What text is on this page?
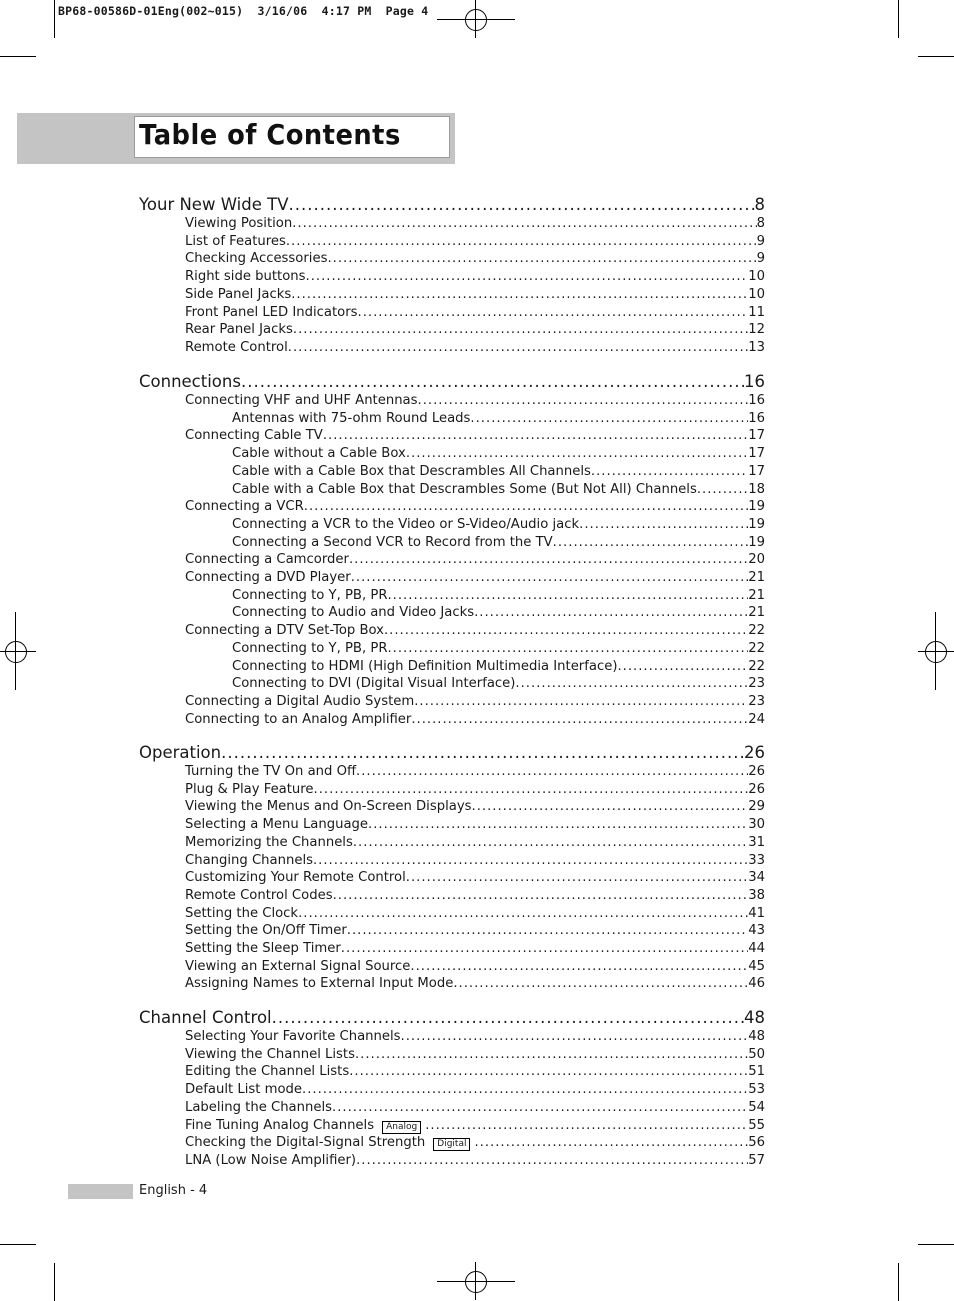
BP68-00586D-01Eng(002~015)  3/16/06  4:17 PM  Page 4
Table of Contents
Your New Wide TV .....	8
Viewing Position .....	8
List of Features .....	9
Checking Accessories .....	9
Right side buttons .....	10
Side Panel Jacks .....	10
Front Panel LED Indicators .....	11
Rear Panel Jacks .....	12
Remote Control .....	13
Connections .....	16
Connecting VHF and UHF Antennas .....	16
Antennas with 75-ohm Round Leads .....	16
Connecting Cable TV .....	17
Cable without a Cable Box .....	17
Cable with a Cable Box that Descrambles All Channels .....	17
Cable with a Cable Box that Descrambles Some (But Not All) Channels .....	18
Connecting a VCR .....	19
Connecting a VCR to the Video or S-Video/Audio jack .....	19
Connecting a Second VCR to Record from the TV .....	19
Connecting a Camcorder .....	20
Connecting a DVD Player .....	21
Connecting to Y, PB, PR .....	21
Connecting to Audio and Video Jacks .....	21
Connecting a DTV Set-Top Box .....	22
Connecting to Y, PB, PR .....	22
Connecting to HDMI (High Definition Multimedia Interface) .....	22
Connecting to DVI (Digital Visual Interface) .....	23
Connecting a Digital Audio System .....	23
Connecting to an Analog Amplifier .....	24
Operation .....	26
Turning the TV On and Off .....	26
Plug & Play Feature .....	26
Viewing the Menus and On-Screen Displays .....	29
Selecting a Menu Language .....	30
Memorizing the Channels .....	31
Changing Channels .....	33
Customizing Your Remote Control .....	34
Remote Control Codes .....	38
Setting the Clock .....	41
Setting the On/Off Timer .....	43
Setting the Sleep Timer .....	44
Viewing an External Signal Source .....	45
Assigning Names to External Input Mode .....	46
Channel Control .....	48
Selecting Your Favorite Channels .....	48
Viewing the Channel Lists .....	50
Editing the Channel Lists .....	51
Default List mode .....	53
Labeling the Channels .....	54
Fine Tuning Analog Channels	Analog .....	55
Checking the Digital-Signal Strength	Digital .....	56
LNA (Low Noise Amplifier) .....	57
English - 4
